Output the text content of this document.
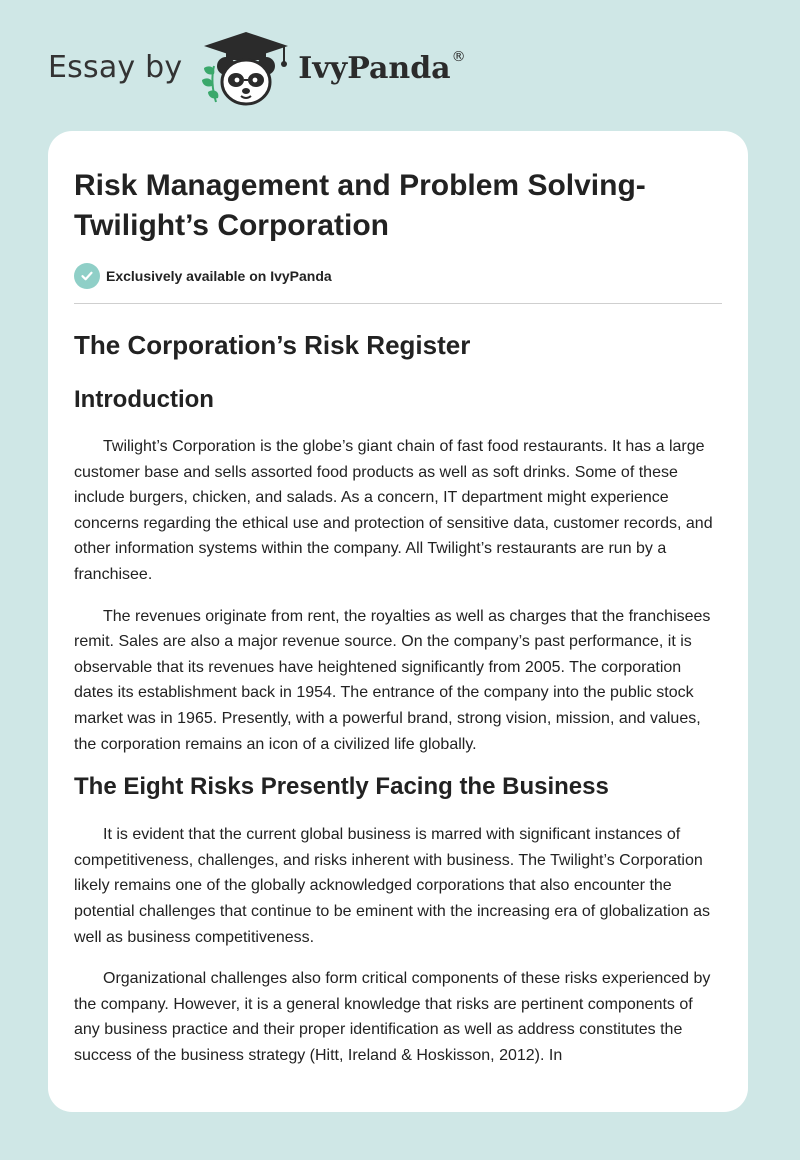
Essay by	IvyPanda®
Risk Management and Problem Solving- Twilight’s Corporation
Exclusively available on IvyPanda
The Corporation’s Risk Register
Introduction

Twilight’s Corporation is the globe’s giant chain of fast food restaurants. It has a large customer base and sells assorted food products as well as soft drinks. Some of these include burgers, chicken, and salads. As a concern, IT department might experience concerns regarding the ethical use and protection of sensitive data, customer records, and other information systems within the company. All Twilight’s restaurants are run by a franchisee.

The revenues originate from rent, the royalties as well as charges that the franchisees remit. Sales are also a major revenue source. On the company’s past performance, it is observable that its revenues have heightened significantly from 2005. The corporation dates its establishment back in 1954. The entrance of the company into the public stock market was in 1965. Presently, with a powerful brand, strong vision, mission, and values, the corporation remains an icon of a civilized life globally.

The Eight Risks Presently Facing the Business

It is evident that the current global business is marred with significant instances of competitiveness, challenges, and risks inherent with business. The Twilight’s Corporation likely remains one of the globally acknowledged corporations that also encounter the potential challenges that continue to be eminent with the increasing era of globalization as well as business competitiveness.

Organizational challenges also form critical components of these risks experienced by the company. However, it is a general knowledge that risks are pertinent components of any business practice and their proper identification as well as address constitutes the success of the business strategy (Hitt, Ireland & Hoskisson, 2012). In
